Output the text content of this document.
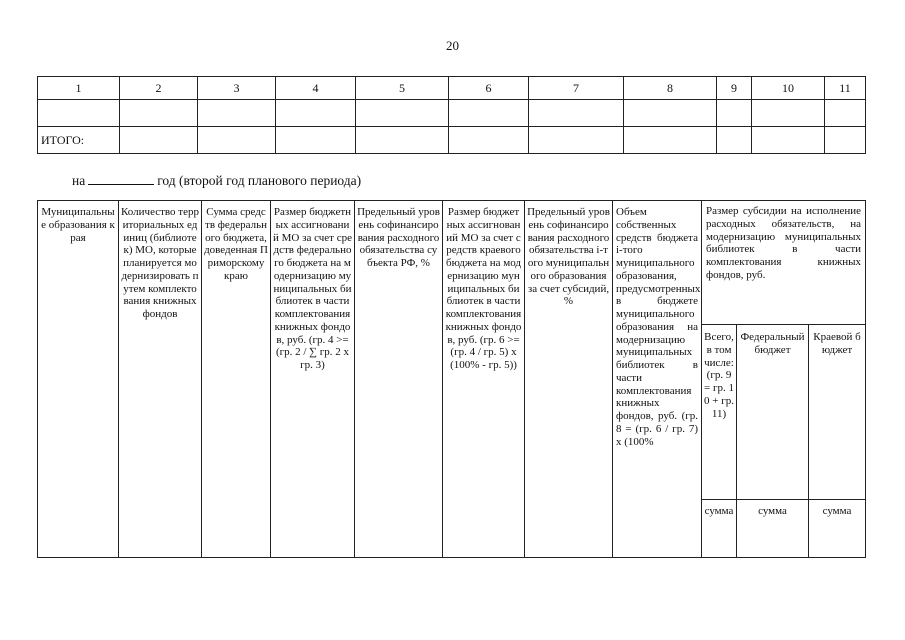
20
1	2	3	4	5	6	7	8	9	10	11

ИТОГО:										
на	год (второй год планового периода)
Муниципальные образования края	Количество территориальных единиц (библиотек) МО, которые планируется модернизировать путем комплектования книжных фондов	Сумма средств федерального бюджета, доведенная Приморскому краю	Размер бюджетных ассигнований МО за счет средств федерального бюджета на модернизацию муниципальных библиотек в части комплектования книжных фондов, руб. (гр. 4 >= (гр. 2 / ∑ гр. 2 x гр. 3)	Предельный уровень софинансирования расходного обязательства субъекта РФ, %	Размер бюджетных ассигнований МО за счет средств краевого бюджета на модернизацию муниципальных библиотек в части комплектования книжных фондов, руб. (гр. 6 >= (гр. 4 / гр. 5) x (100% - гр. 5))	Предельный уровень софинансирования расходного обязательства i-того муниципального образования за счет субсидий, %	Объем собственных средств бюджета i-того муниципального образования, предусмотренных в бюджете муниципального образования на модернизацию муниципальных библиотек в части комплектования книжных фондов, руб. (гр. 8 = (гр. 6 / гр. 7) x (100%	Размер субсидии на исполнение расходных обязательств, на модернизацию муниципальных библиотек в части комплектования книжных фондов, руб.		
								Всего, в том числе: (гр. 9 = гр. 10 + гр. 11)	Федеральный бюджет	Краевой бюджет
								сумма	сумма	сумма
